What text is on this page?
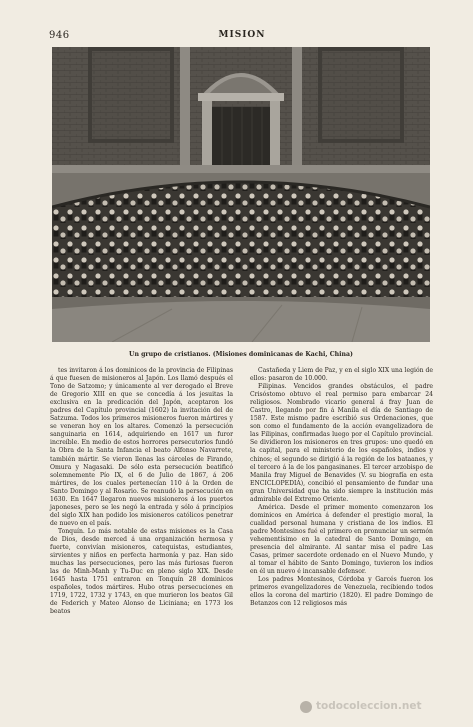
946	MISION
Un grupo de cristianos. (Misiones dominicanas de Kachi, China)

tes invitaron á los dominicos de la provincia de Filipinas á que fuesen de misioneros al Japón. Los llamó después el Tono de Satzomo; y únicamente al ver derogado el Breve de Gregorio XIII en que se concedía á los jesuitas la exclusiva en la predicación del Japón, aceptaron los padres del Capítulo provincial (1602) la invitación del de Satzuma. Todos los primeros misioneros fueron mártires y se veneran hoy en los altares. Comenzó la persecución sanguinaria en 1614, adquiriendo en 1617 un furor increíble. En medio de estos horrores persecutorios fundó la Obra de la Santa Infancia el beato Alfonso Navarrete, también mártir. Se vieron llenas las cárceles de Firando, Omura y Nagasaki. De sólo esta persecución beatificó solemnemente Pío IX, el 6 de Julio de 1867, á 206 mártires, de los cuales pertenecían 110 á la Orden de Santo Domingo y al Rosario. Se reanudó la persecución en 1630. En 1647 llegaron nuevos misioneros á los puertos japoneses, pero se les negó la entrada y sólo á principios del siglo XIX han podido los misioneros católicos penetrar de nuevo en el país.

Tonquín. Lo más notable de estas misiones es la Casa de Dios, desde merced á una organización hermosa y fuerte, convivían misioneros, catequistas, estudiantes, sirvientes y niños en perfecta harmonía y paz. Han sido muchas las persecuciones, pero las más furiosas fueron las de Minh-Manh y Tu-Duc en pleno siglo XIX. Desde 1645 hasta 1751 entraron en Tonquín 28 dominicos españoles, todos mártires. Hubo otras persecuciones en 1719, 1722, 1732 y 1743, en que murieron los beatos Gil de Federich y Mateo Alonso de Liciniana; en 1773 los beatos

Castañeda y Liem de Paz, y en el siglo XIX una legión de ellos: pasaron de 10.000.

Filipinas. Vencidos grandes obstáculos, el padre Crisóstomo obtuvo el real permiso para embarcar 24 religiosos. Nombrado vicario general á fray Juan de Castro, llegando por fin á Manila el día de Santiago de 1587. Este mismo padre escribió sus Ordenaciones, que son como el fundamento de la acción evangelizadora de las Filipinas, confirmadas luego por el Capítulo provincial. Se dividieron los misioneros en tres grupos: uno quedó en la capital, para el ministerio de los españoles, indios y chinos; el segundo se dirigió á la región de los bataanes, y el tercero á la de los pangasinanes. El tercer arzobispo de Manila fray Miguel de Benavides (V. su biografía en esta ENCICLOPEDIA), concibió el pensamiento de fundar una gran Universidad que ha sido siempre la institución más admirable del Extremo Oriente.

América. Desde el primer momento comenzaron los dominicos en América á defender el prestigio moral, la cualidad personal humana y cristiana de los indios. El padre Montesinos fué el primero en pronunciar un sermón vehementísimo en la catedral de Santo Domingo, en presencia del almirante. Al santar misa el padre Las Casas, primer sacerdote ordenado en el Nuevo Mundo, y al tomar el hábito de Santo Domingo, tuvieron los indios en él un nuevo é incansable defensor.

Los padres Montesinos, Córdoba y Garcés fueron los primeros evangelizadores de Venezuela, recibiendo todos ellos la corona del martirio (1820). El padre Domingo de Betanzos con 12 religiosos más

todocoleccion.net
